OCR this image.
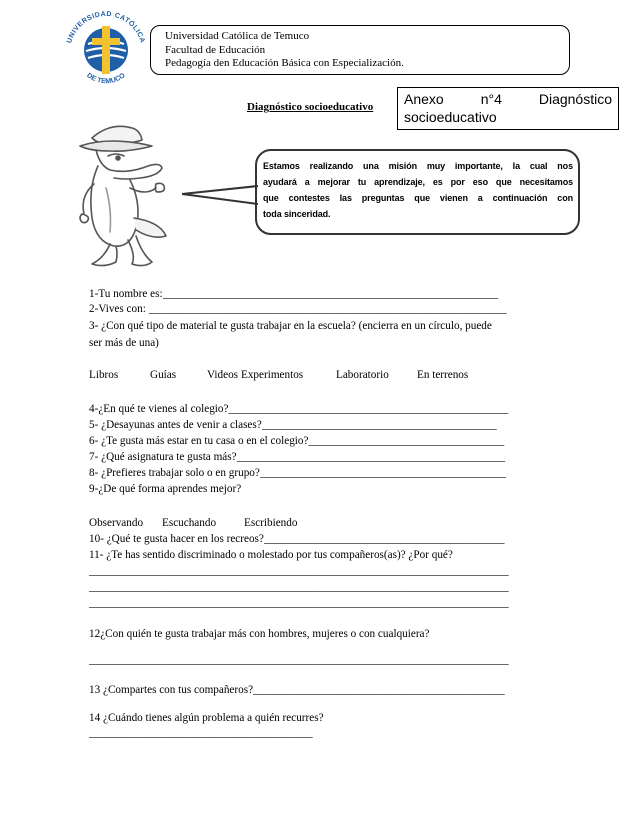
UNIVERSIDAD CATÓLICA
DE TEMUCO
Universidad Católica de Temuco
Facultad de Educación
Pedagogía den Educación Básica con Especialización.
Diagnóstico socioeducativo Anexo	n°4	Diagnóstico
socioeducativo
Estamos realizando una misión muy importante, la cual nos
ayudará a mejorar tu aprendizaje, es por eso que necesitamos
que contestes las preguntas que vienen a continuación con
toda sinceridad.
1-Tu nombre es:____________________________________________________________
2-Vives con: ________________________________________________________________
3- ¿Con qué tipo de material te gusta trabajar en la escuela? (encierra en un círculo, puede
ser más de una)
Libros	Guías	Videos Experimentos	Laboratorio	En terrenos
4-¿En qué te vienes al colegio?__________________________________________________
5- ¿Desayunas antes de venir a clases?__________________________________________
6- ¿Te gusta más estar en tu casa o en el colegio?___________________________________
7- ¿Qué asignatura te gusta más?________________________________________________
8- ¿Prefieres trabajar solo o en grupo?____________________________________________
9-¿De qué forma aprendes mejor?
Observando Escuchando Escribiendo
10- ¿Qué te gusta hacer en los recreos?___________________________________________
11- ¿Te has sentido discriminado o molestado por tus compañeros(as)? ¿Por qué?
___________________________________________________________________________
___________________________________________________________________________
___________________________________________________________________________
12¿Con quién te gusta trabajar más con hombres, mujeres o con cualquiera?
___________________________________________________________________________
13 ¿Compartes con tus compañeros?_____________________________________________
14 ¿Cuándo tienes algún problema a quién recurres?
________________________________________
